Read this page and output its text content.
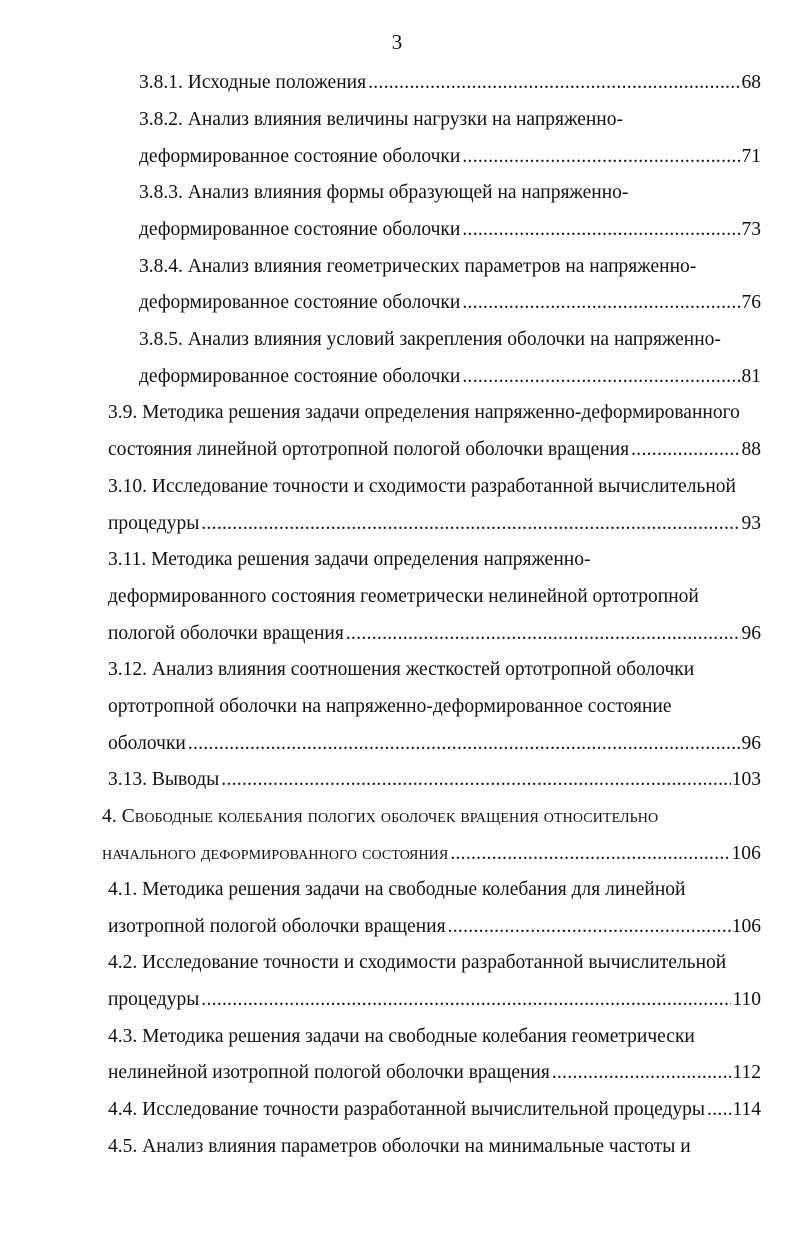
3
3.8.1. Исходные положения .....	68
3.8.2. Анализ влияния величины нагрузки на напряженно-
деформированное состояние оболочки .....	71
3.8.3. Анализ влияния формы образующей на напряженно-
деформированное состояние оболочки .....	73
3.8.4. Анализ влияния геометрических параметров на напряженно-
деформированное состояние оболочки .....	76
3.8.5. Анализ влияния условий закрепления оболочки на напряженно-
деформированное состояние оболочки .....	81
3.9. Методика решения задачи определения напряженно-деформированного
состояния линейной ортотропной пологой оболочки вращения .....	88
3.10. Исследование точности и сходимости разработанной вычислительной
процедуры .....	93
3.11. Методика решения задачи определения напряженно-
деформированного состояния геометрически нелинейной ортотропной
пологой оболочки вращения .....	96
3.12. Анализ влияния соотношения жесткостей ортотропной оболочки
ортотропной оболочки на напряженно-деформированное состояние
оболочки .....	96
3.13. Выводы .....	103
4. Свободные колебания пологих оболочек вращения относительно
начального деформированного состояния .....	106
4.1. Методика решения задачи на свободные колебания для линейной
изотропной пологой оболочки вращения .....	106
4.2. Исследование точности и сходимости разработанной вычислительной
процедуры .....	110
4.3. Методика решения задачи на свободные колебания геометрически
нелинейной изотропной пологой оболочки вращения .....	112
4.4. Исследование точности разработанной вычислительной процедуры ..... 114
4.5. Анализ влияния параметров оболочки на минимальные частоты и
